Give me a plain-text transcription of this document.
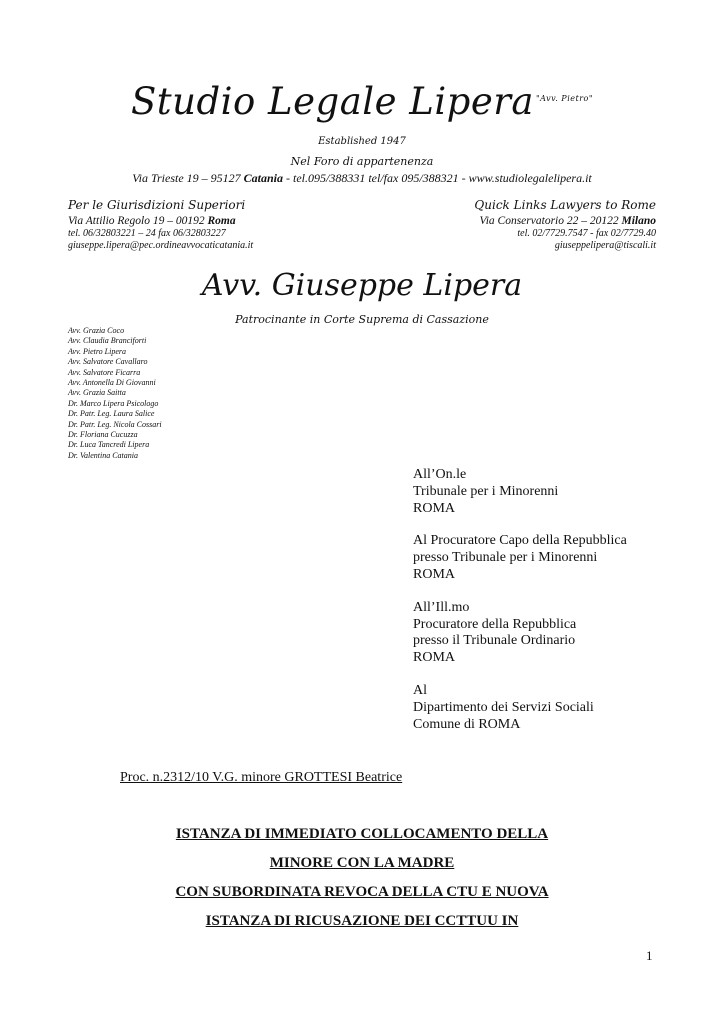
Studio Legale Lipera $^{"Avv. Pietro"}$
Established 1947
Nel Foro di appartenenza
Via Trieste 19 – 95127 Catania - tel.095/388331 tel/fax 095/388321 - www.studiolegalelipera.it
Per le Giurisdizioni Superiori
Via Attilio Regolo 19 – 00192 Roma
tel. 06/32803221 – 24 fax 06/32803227
giuseppe.lipera@pec.ordineavvocaticatania.it
Quick Links Lawyers to Rome
Via Conservatorio 22 – 20122 Milano
tel. 02/7729.7547 - fax 02/7729.40
giuseppelipera@tiscali.it
Avv. Giuseppe Lipera
Patrocinante in Corte Suprema di Cassazione
Avv. Grazia Coco
Avv. Claudia Branciforti
Avv. Pietro Lipera
Avv. Salvatore Cavallaro
Avv. Salvatore Ficarra
Avv. Antonella Di Giovanni
Avv. Grazia Saitta
Dr. Marco Lipera Psicologo
Dr. Patr. Leg. Laura Salice
Dr. Patr. Leg. Nicola Cossari
Dr. Floriana Cucuzza
Dr. Luca Tancredi Lipera
Dr. Valentina Catania
All’On.le
Tribunale per i Minorenni
ROMA
Al Procuratore Capo della Repubblica
presso Tribunale per i Minorenni
ROMA
All’Ill.mo
Procuratore della Repubblica
presso il Tribunale Ordinario
ROMA
Al
Dipartimento dei Servizi Sociali
Comune di ROMA
Proc. n.2312/10 V.G. minore GROTTESI Beatrice
ISTANZA DI IMMEDIATO COLLOCAMENTO DELLA
MINORE CON LA MADRE
CON SUBORDINATA REVOCA DELLA CTU E NUOVA
ISTANZA DI RICUSAZIONE DEI CCTTUU IN
1
